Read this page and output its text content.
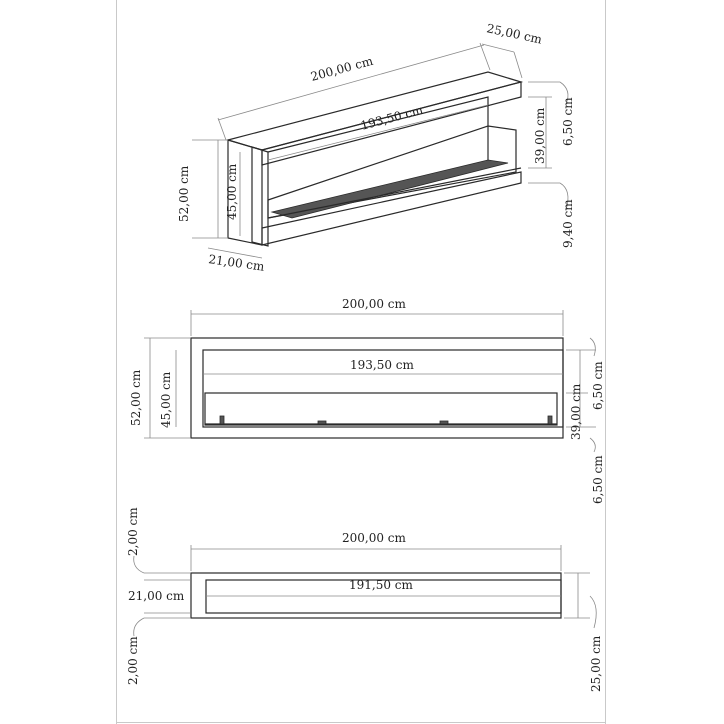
200,00 cm
25,00 cm
193,50 cm
52,00 cm	45,00 cm
21,00 cm
39,00 cm 6,50 cm
9,40 cm
200,00 cm
193,50 cm
52,00 cm 45,00 cm	39,00 cm 6,50 cm
6,50 cm
200,00 cm
191,50 cm
2,00 cm
21,00 cm
2,00 cm	25,00 cm
